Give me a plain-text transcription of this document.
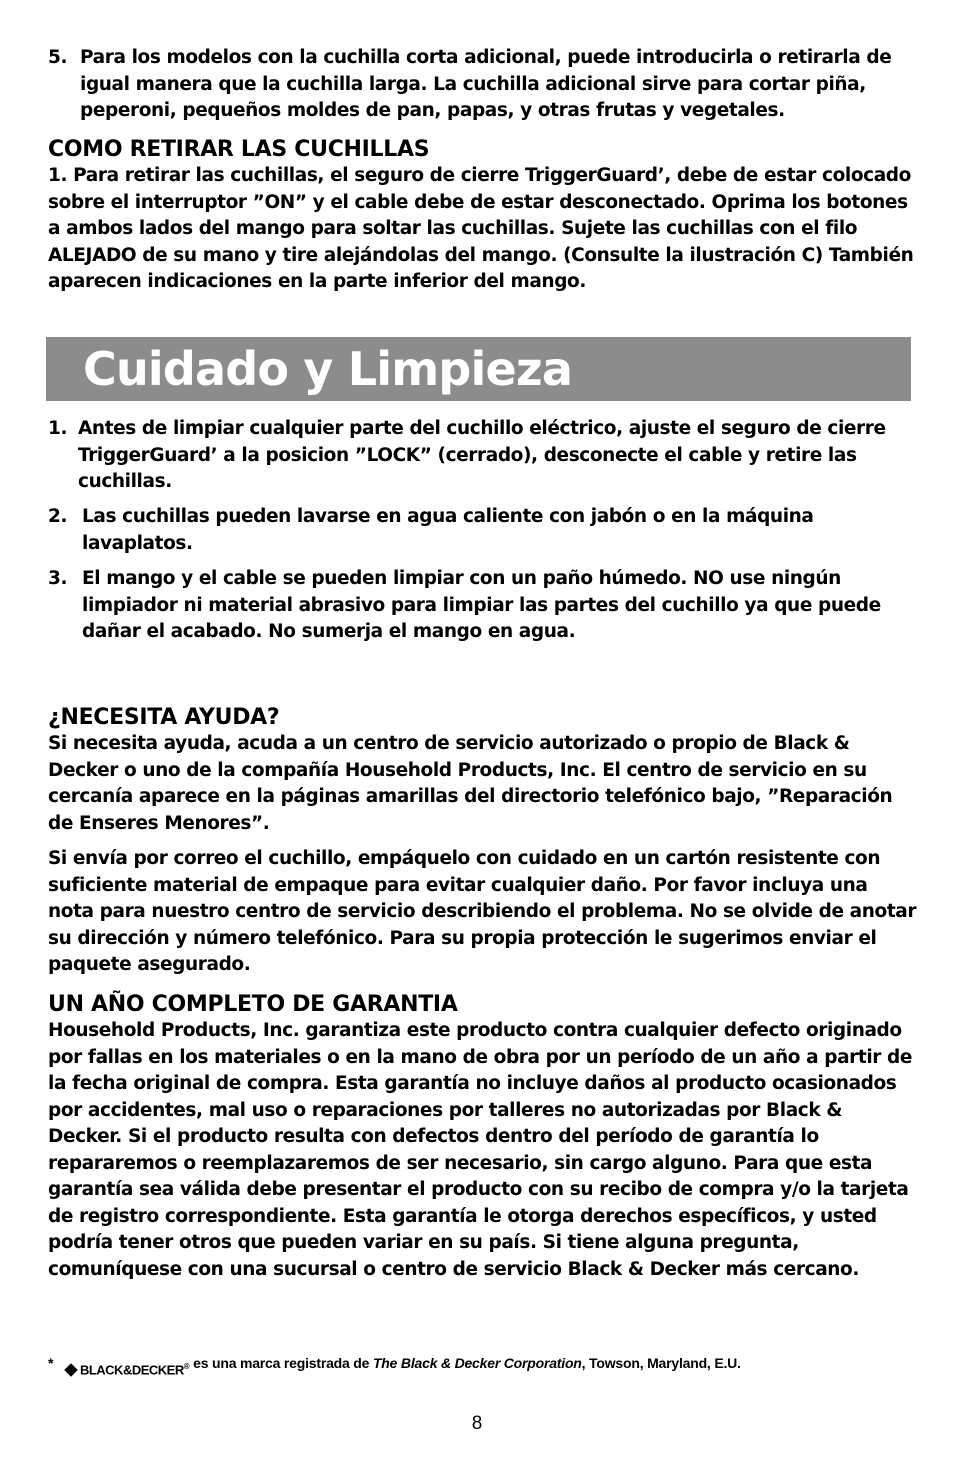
5. Para los modelos con la cuchilla corta adicional, puede introducirla o retirarla de igual manera que la cuchilla larga. La cuchilla adicional sirve para cortar piña, peperoni, pequeños moldes de pan, papas, y otras frutas y vegetales.
COMO RETIRAR LAS CUCHILLAS
1. Para retirar las cuchillas, el seguro de cierre TriggerGuard’, debe de estar colocado sobre el interruptor ”ON” y el cable debe de estar desconectado. Oprima los botones a ambos lados del mango para soltar las cuchillas. Sujete las cuchillas con el filo ALEJADO de su mano y tire alejándolas del mango. (Consulte la ilustración C) También aparecen indicaciones en la parte inferior del mango.
Cuidado y Limpieza
1. Antes de limpiar cualquier parte del cuchillo eléctrico, ajuste el seguro de cierre TriggerGuard’ a la posicion ”LOCK” (cerrado), desconecte el cable y retire las cuchillas.
2. Las cuchillas pueden lavarse en agua caliente con jabón o en la máquina lavaplatos.
3. El mango y el cable se pueden limpiar con un paño húmedo. NO use ningún limpiador ni material abrasivo para limpiar las partes del cuchillo ya que puede dañar el acabado. No sumerja el mango en agua.
¿NECESITA AYUDA?
Si necesita ayuda, acuda a un centro de servicio autorizado o propio de Black & Decker o uno de la compañía Household Products, Inc. El centro de servicio en su cercanía aparece en la páginas amarillas del directorio telefónico bajo, ”Reparación de Enseres Menores”.
Si envía por correo el cuchillo, empáquelo con cuidado en un cartón resistente con suficiente material de empaque para evitar cualquier daño. Por favor incluya una nota para nuestro centro de servicio describiendo el problema. No se olvide de anotar su dirección y número telefónico. Para su propia protección le sugerimos enviar el paquete asegurado.
UN AÑO COMPLETO DE GARANTIA
Household Products, Inc. garantiza este producto contra cualquier defecto originado por fallas en los materiales o en la mano de obra por un período de un año a partir de la fecha original de compra. Esta garantía no incluye daños al producto ocasionados por accidentes, mal uso o reparaciones por talleres no autorizadas por Black & Decker. Si el producto resulta con defectos dentro del período de garantía lo repararemos o reemplazaremos de ser necesario, sin cargo alguno. Para que esta garantía sea válida debe presentar el producto con su recibo de compra y/o la tarjeta de registro correspondiente. Esta garantía le otorga derechos específicos, y usted podría tener otros que pueden variar en su país. Si tiene alguna pregunta, comuníquese con una sucursal o centro de servicio Black & Decker más cercano.
* BLACK&DECKER® es una marca registrada de The Black & Decker Corporation, Towson, Maryland, E.U.
8
